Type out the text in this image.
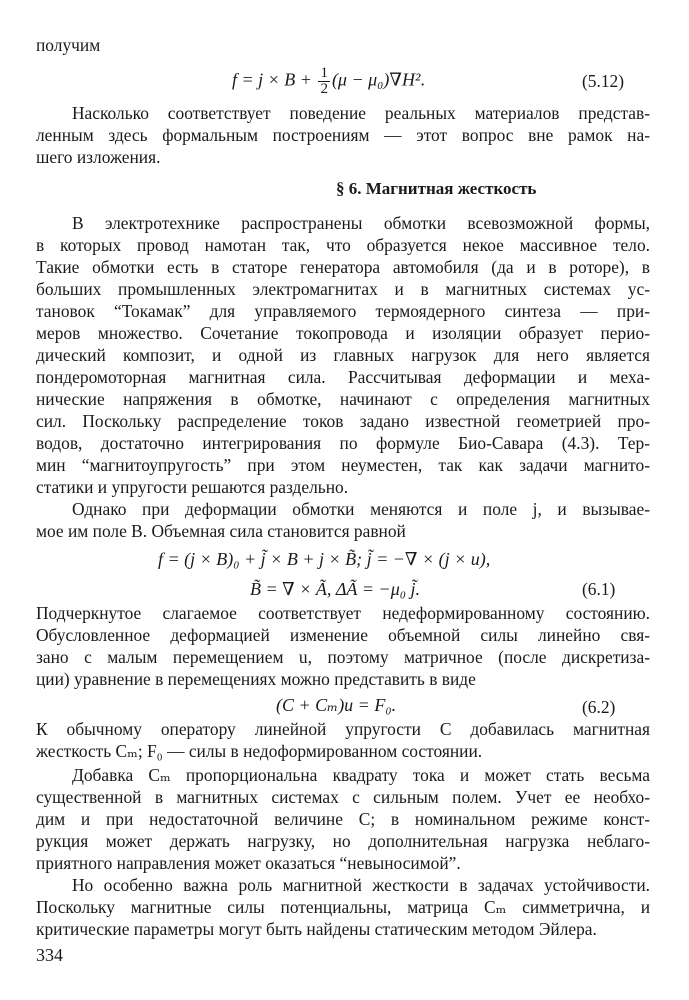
получим
$f = j \times B + \frac{1}{2} (\mu - \mu_0)\nabla H^2$.	(5.12)
Насколько соответствует поведение реальных материалов представ-
ленным здесь формальным построениям — этот вопрос вне рамок на-
шего изложения.
§ 6. Магнитная жесткость
В электротехнике распространены обмотки всевозможной формы,
в которых провод намотан так, что образуется некое массивное тело.
Такие обмотки есть в статоре генератора автомобиля (да и в роторе), в
больших промышленных электромагнитах и в магнитных системах ус-
тановок “Токамак” для управляемого термоядерного синтеза — при-
меров множество. Сочетание токопровода и изоляции образует перио-
дический композит, и одной из главных нагрузок для него является
пондеромоторная магнитная сила. Рассчитывая деформации и меха-
нические напряжения в обмотке, начинают с определения магнитных
сил. Поскольку распределение токов задано известной геометрией про-
водов, достаточно интегрирования по формуле Био-Савара (4.3). Тер-
мин “магнитоупругость” при этом неуместен, так как задачи магнито-
статики и упругости решаются раздельно.
Однако при деформации обмотки меняются и поле j, и вызывае-
мое им поле B. Объемная сила становится равной
f = (j × B)₀ + j̃ × B + j × B̃; j̃ = −∇ × (j × u),
B̃ = ∇ × Ã, ΔÃ = −μ₀ j̃.	(6.1)
Подчеркнутое слагаемое соответствует недеформированному состоянию.
Обусловленное деформацией изменение объемной силы линейно свя-
зано с малым перемещением u, поэтому матричное (после дискретиза-
ции) уравнение в перемещениях можно представить в виде
(C + Cₘ)u = F₀.	(6.2)
К обычному оператору линейной упругости C добавилась магнитная
жесткость Cₘ; F₀ — силы в недоформированном состоянии.
Добавка Cₘ пропорциональна квадрату тока и может стать весьма
существенной в магнитных системах с сильным полем. Учет ее необхо-
дим и при недостаточной величине C; в номинальном режиме конст-
рукция может держать нагрузку, но дополнительная нагрузка неблаго-
приятного направления может оказаться “невыносимой”.
Но особенно важна роль магнитной жесткости в задачах устойчивости.
Поскольку магнитные силы потенциальны, матрица Cₘ симметрична, и
критические параметры могут быть найдены статическим методом Эйлера.
334
